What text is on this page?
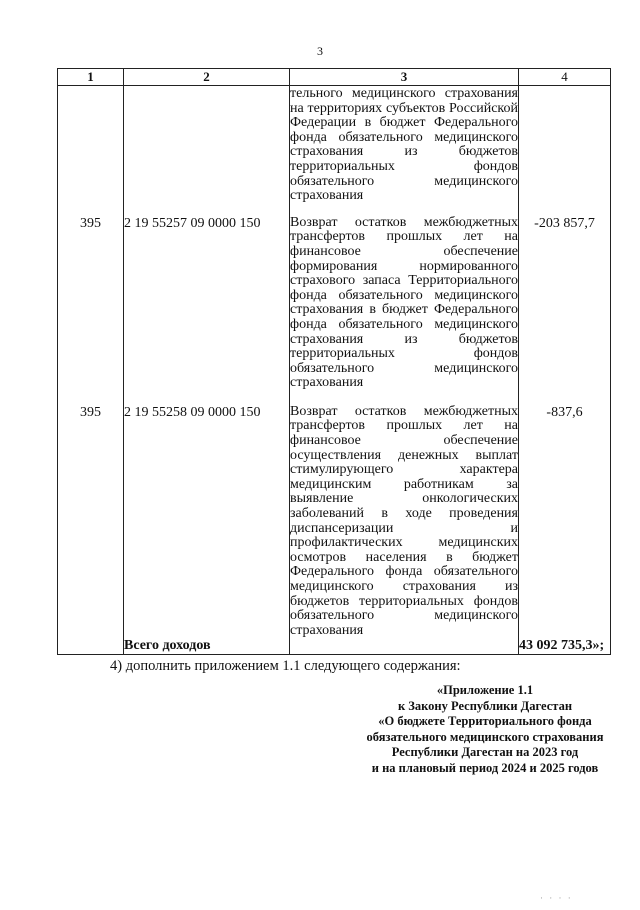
3
1	2	3	4
		тельного медицинского страхования на территориях субъектов Российской Федерации в бюджет Федерального фонда обязательного медицинского страхования из бюджетов территориальных фондов обязательного медицинского страхования	
395	2 19 55257 09 0000 150	Возврат остатков межбюджетных трансфертов прошлых лет на финансовое обеспечение формирования нормированного страхового запаса Территориального фонда обязательного медицинского страхования в бюджет Федерального фонда обязательного медицинского страхования из бюджетов территориальных фондов обязательного медицинского страхования	-203 857,7
395	2 19 55258 09 0000 150	Возврат остатков межбюджетных трансфертов прошлых лет на финансовое обеспечение осуществления денежных выплат стимулирующего характера медицинским работникам за выявление онкологических заболеваний в ходе проведения диспансеризации и профилактических медицинских осмотров населения в бюджет Федерального фонда обязательного медицинского страхования из бюджетов территориальных фондов обязательного медицинского страхования	-837,6
	Всего доходов		43 092 735,3»;
4) дополнить приложением 1.1 следующего содержания:
«Приложение 1.1
к Закону Республики Дагестан
«О бюджете Территориального фонда
обязательного медицинского страхования
Республики Дагестан на 2023 год
и на плановый период 2024 и 2025 годов
· · · ·
